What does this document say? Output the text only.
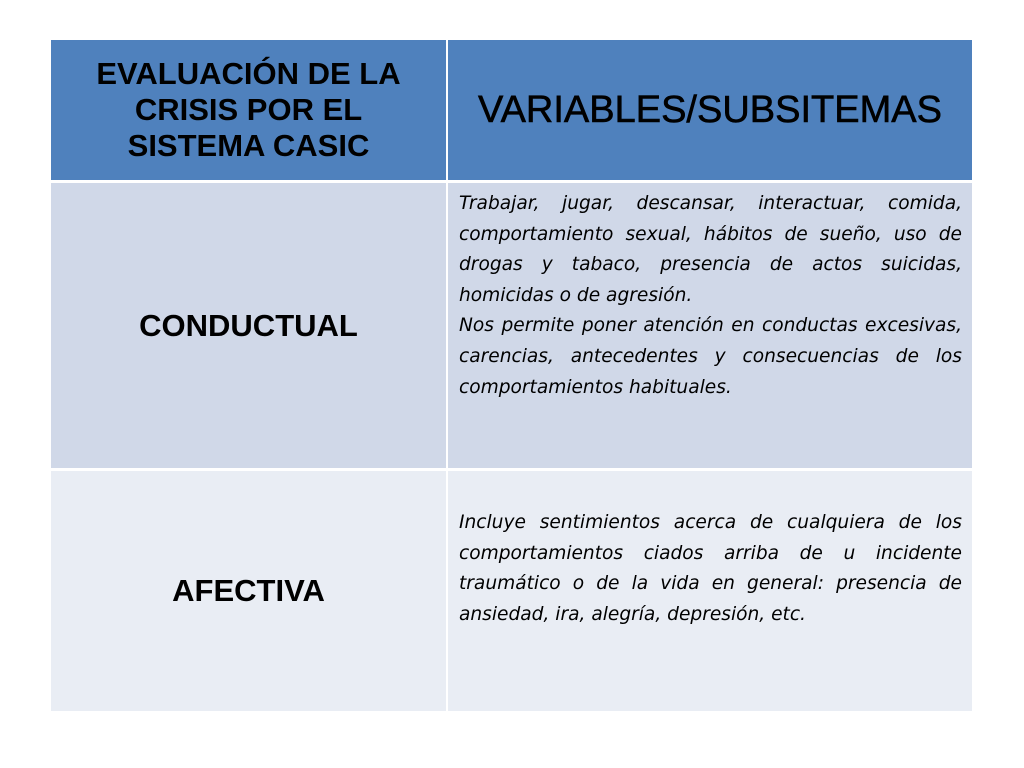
EVALUACIÓN DE LA CRISIS POR EL SISTEMA CASIC
VARIABLES/SUBSITEMAS
CONDUCTUAL

Trabajar, jugar, descansar, interactuar, comida, comportamiento sexual, hábitos de sueño, uso de drogas y tabaco, presencia de actos suicidas, homicidas o de agresión.

Nos permite poner atención en conductas excesivas, carencias, antecedentes y consecuencias de los comportamientos habituales.

AFECTIVA

Incluye sentimientos acerca de cualquiera de los comportamientos ciados arriba de u incidente traumático o de la vida en general: presencia de ansiedad, ira, alegría, depresión, etc.
